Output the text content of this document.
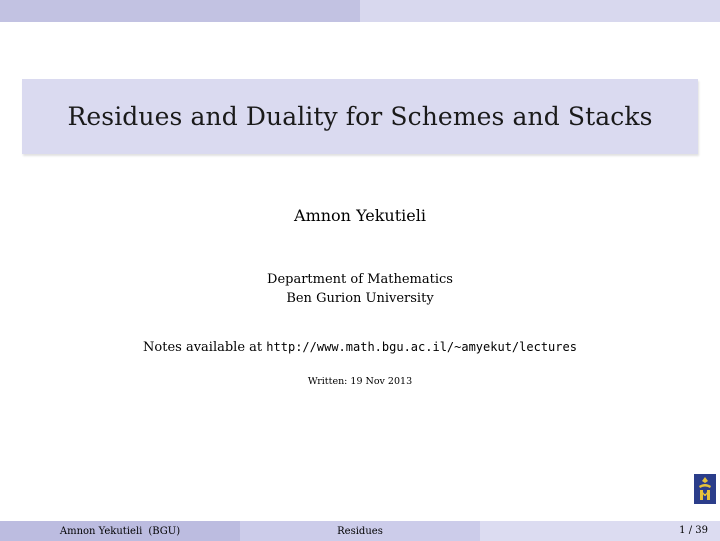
Residues and Duality for Schemes and Stacks
Amnon Yekutieli
Department of Mathematics
Ben Gurion University
Notes available at http://www.math.bgu.ac.il/~amyekut/lectures
Written: 19 Nov 2013
Amnon Yekutieli (BGU)	Residues	1 / 39
